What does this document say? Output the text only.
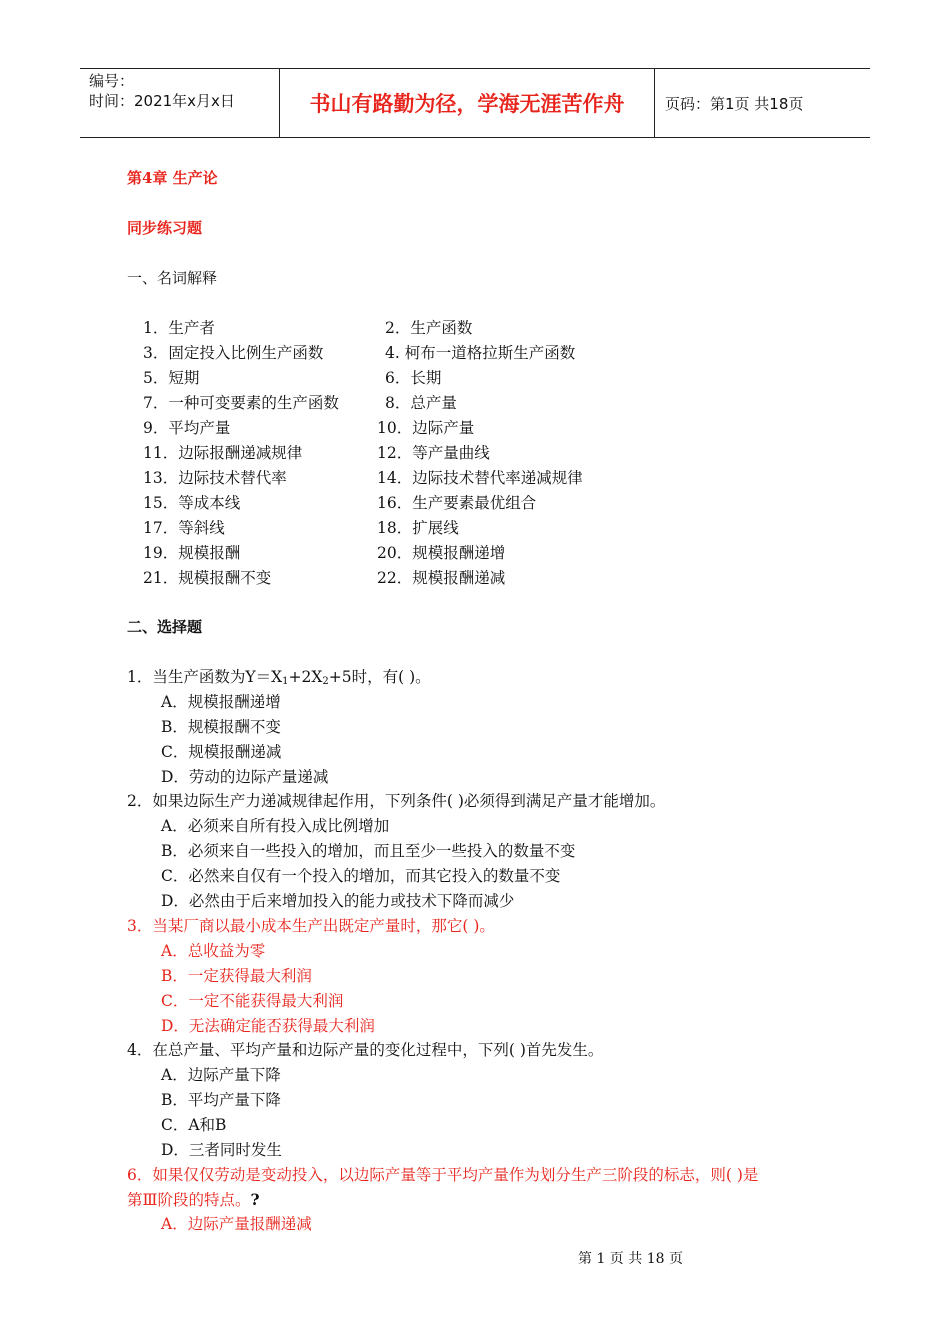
编号：
时间：2021年x月x日	书山有路勤为径，学海无涯苦作舟	页码：第1页 共18页
第4章 生产论
同步练习题
一、名词解释
1．生产者
3．固定投入比例生产函数
5．短期
7．一种可变要素的生产函数
9．平均产量
11．边际报酬递减规律
13．边际技术替代率
15．等成本线
17．等斜线
19．规模报酬
21．规模报酬不变
2．生产函数
4. 柯布一道格拉斯生产函数
6．长期
8．总产量
10．边际产量
12．等产量曲线
14．边际技术替代率递减规律
16．生产要素最优组合
18．扩展线
20．规模报酬递增
22．规模报酬递减
二、选择题
1．当生产函数为$Y=X_1+2X_2+5$时，有( )。
A．规模报酬递增
B．规模报酬不变
C．规模报酬递减
D．劳动的边际产量递减
2．如果边际生产力递减规律起作用，下列条件( )必须得到满足产量才能增加。
A．必须来自所有投入成比例增加
B．必须来自一些投入的增加，而且至少一些投入的数量不变
C．必然来自仅有一个投入的增加，而其它投入的数量不变
D．必然由于后来增加投入的能力或技术下降而减少
3．当某厂商以最小成本生产出既定产量时，那它( )。
A．总收益为零
B．一定获得最大利润
C．一定不能获得最大利润
D．无法确定能否获得最大利润
4．在总产量、平均产量和边际产量的变化过程中，下列( )首先发生。
A．边际产量下降
B．平均产量下降
C．A和B
D．三者同时发生
6．如果仅仅劳动是变动投入，以边际产量等于平均产量作为划分生产三阶段的标志，则( )是
第Ⅲ阶段的特点。?
A．边际产量报酬递减
第 1 页 共 18 页
